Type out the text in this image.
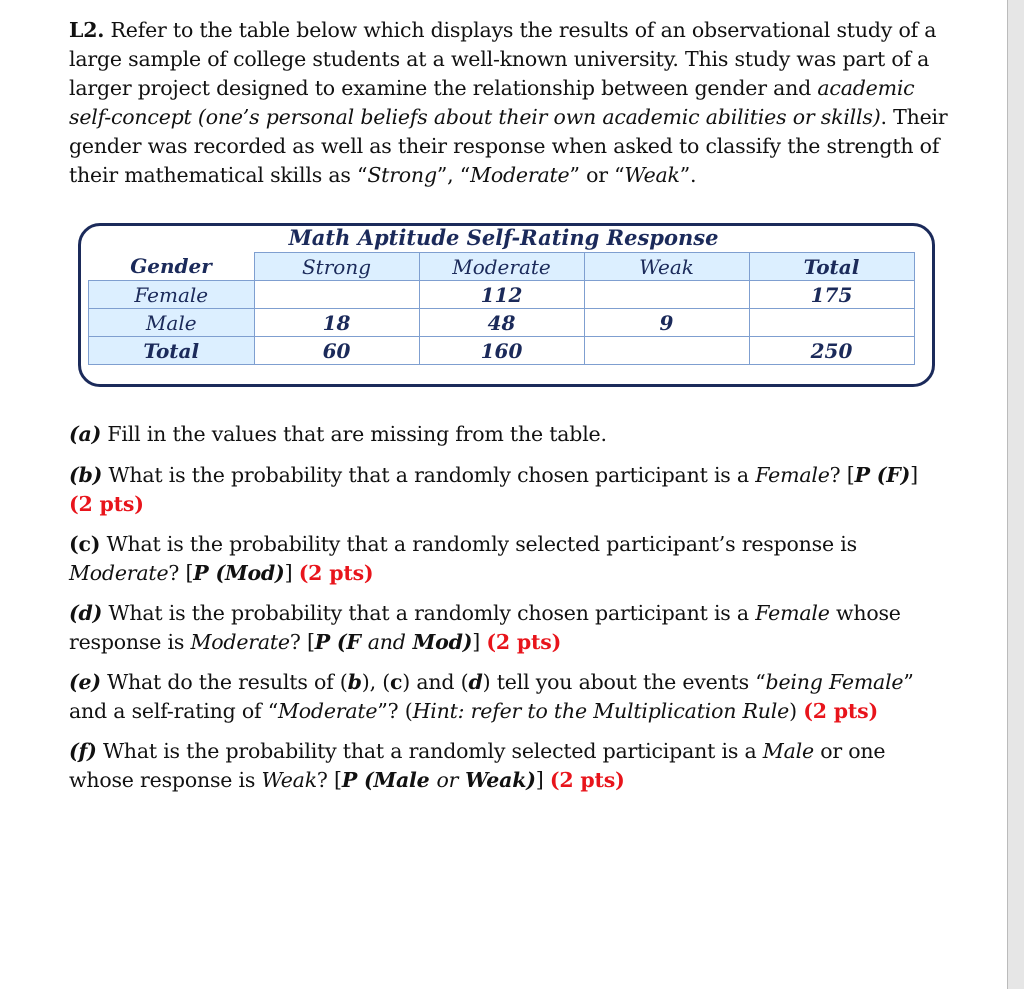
L2. Refer to the table below which displays the results of an observational study of a large sample of college students at a well-known university. This study was part of a larger project designed to examine the relationship between gender and academic self-concept (one’s personal beliefs about their own academic abilities or skills). Their gender was recorded as well as their response when asked to classify the strength of their mathematical skills as “Strong”, “Moderate” or “Weak”.
Math Aptitude Self-Rating Response
Gender	Strong	Moderate	Weak	Total
Female		112		175
Male	18	48	9	
Total	60	160		250
(a) Fill in the values that are missing from the table.
(b) What is the probability that a randomly chosen participant is a Female? [P (F)]
(2 pts)
(c) What is the probability that a randomly selected participant’s response is Moderate? [P (Mod)] (2 pts)
(d) What is the probability that a randomly chosen participant is a Female whose response is Moderate? [P (F and Mod)] (2 pts)
(e) What do the results of (b), (c) and (d) tell you about the events “being Female” and a self-rating of “Moderate”? (Hint: refer to the Multiplication Rule) (2 pts)
(f) What is the probability that a randomly selected participant is a Male or one whose response is Weak? [P (Male or Weak)] (2 pts)
